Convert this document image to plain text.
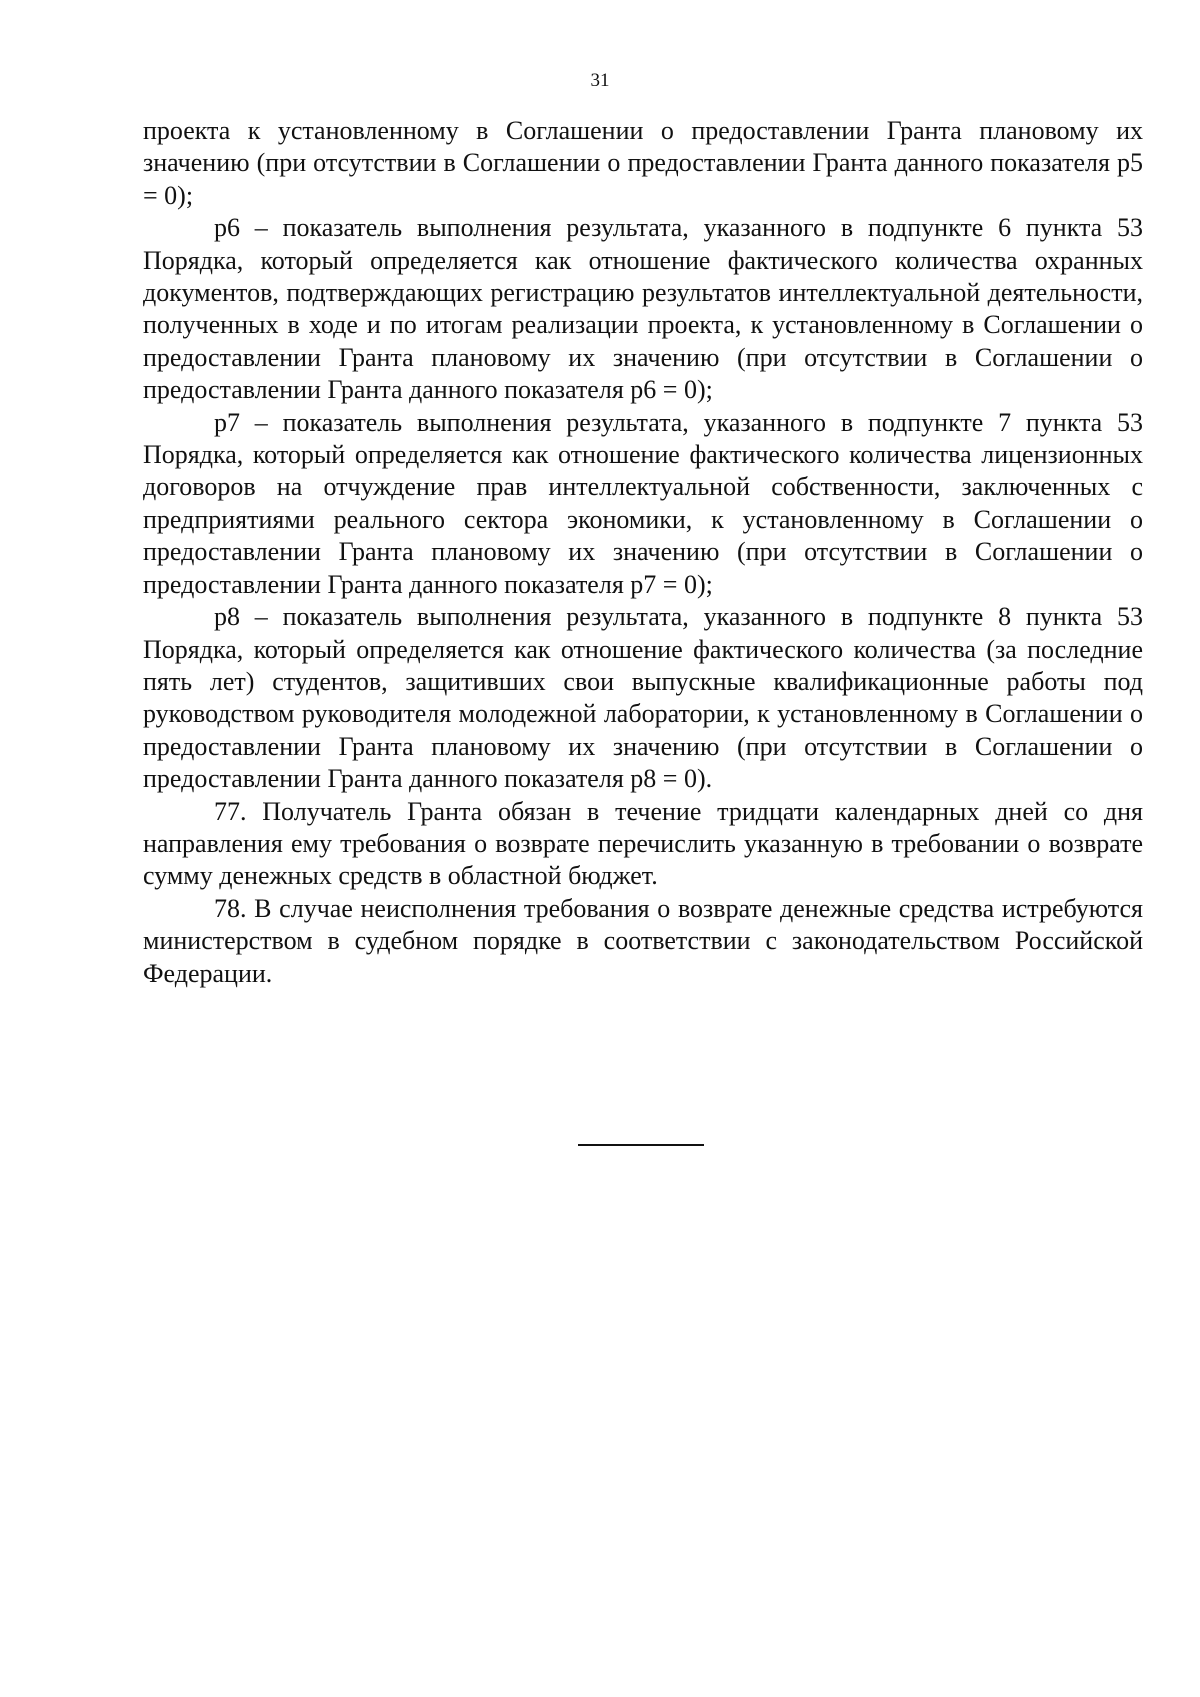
31

проекта к установленному в Соглашении о предоставлении Гранта плановому их значению (при отсутствии в Соглашении о предоставлении Гранта данного показателя p5 = 0);

p6 – показатель выполнения результата, указанного в подпункте 6 пункта 53 Порядка, который определяется как отношение фактического количества охранных документов, подтверждающих регистрацию результатов интеллектуальной деятельности, полученных в ходе и по итогам реализации проекта, к установленному в Соглашении о предоставлении Гранта плановому их значению (при отсутствии в Соглашении о предоставлении Гранта данного показателя p6 = 0);

p7 – показатель выполнения результата, указанного в подпункте 7 пункта 53 Порядка, который определяется как отношение фактического количества лицензионных договоров на отчуждение прав интеллектуальной собственности, заключенных с предприятиями реального сектора экономики, к установленному в Соглашении о предоставлении Гранта плановому их значению (при отсутствии в Соглашении о предоставлении Гранта данного показателя p7 = 0);

p8 – показатель выполнения результата, указанного в подпункте 8 пункта 53 Порядка, который определяется как отношение фактического количества (за последние пять лет) студентов, защитивших свои выпускные квалификационные работы под руководством руководителя молодежной лаборатории, к установленному в Соглашении о предоставлении Гранта плановому их значению (при отсутствии в Соглашении о предоставлении Гранта данного показателя p8 = 0).

77. Получатель Гранта обязан в течение тридцати календарных дней со дня направления ему требования о возврате перечислить указанную в требовании о возврате сумму денежных средств в областной бюджет.

78. В случае неисполнения требования о возврате денежные средства истребуются министерством в судебном порядке в соответствии с законодательством Российской Федерации.
